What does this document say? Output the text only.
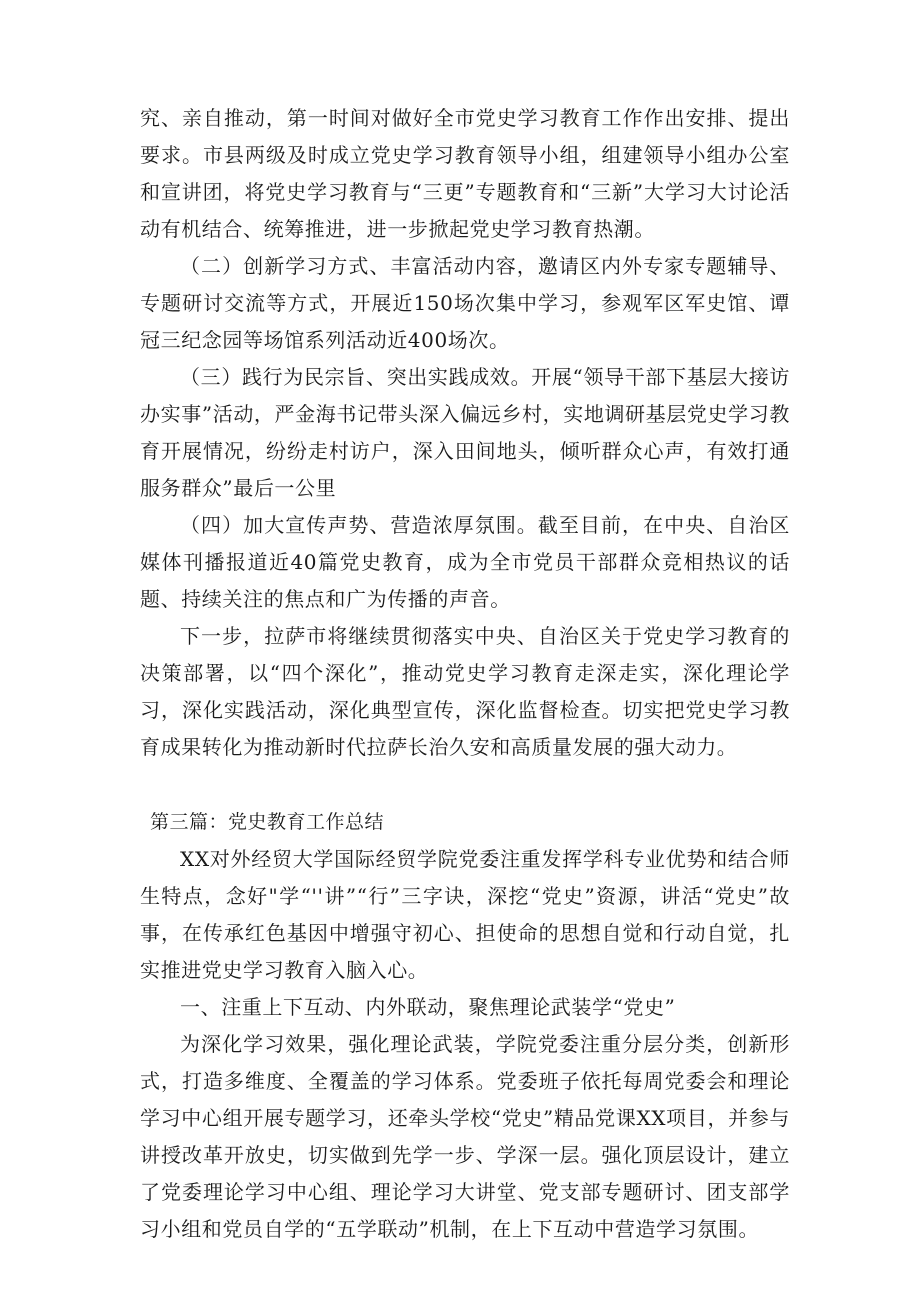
究、亲自推动，第一时间对做好全市党史学习教育工作作出安排、提出要求。市县两级及时成立党史学习教育领导小组，组建领导小组办公室和宣讲团，将党史学习教育与“三更”专题教育和“三新”大学习大讨论活动有机结合、统筹推进，进一步掀起党史学习教育热潮。

（二）创新学习方式、丰富活动内容，邀请区内外专家专题辅导、专题研讨交流等方式，开展近150场次集中学习，参观军区军史馆、谭冠三纪念园等场馆系列活动近400场次。

（三）践行为民宗旨、突出实践成效。开展“领导干部下基层大接访办实事”活动，严金海书记带头深入偏远乡村，实地调研基层党史学习教育开展情况，纷纷走村访户，深入田间地头，倾听群众心声，有效打通服务群众”最后一公里

（四）加大宣传声势、营造浓厚氛围。截至目前，在中央、自治区媒体刊播报道近40篇党史教育，成为全市党员干部群众竞相热议的话题、持续关注的焦点和广为传播的声音。

下一步，拉萨市将继续贯彻落实中央、自治区关于党史学习教育的决策部署，以“四个深化”，推动党史学习教育走深走实，深化理论学习，深化实践活动，深化典型宣传，深化监督检查。切实把党史学习教育成果转化为推动新时代拉萨长治久安和高质量发展的强大动力。

第三篇：党史教育工作总结

XX对外经贸大学国际经贸学院党委注重发挥学科专业优势和结合师生特点，念好"学“''讲”“行”三字诀，深挖“党史”资源，讲活“党史”故事，在传承红色基因中增强守初心、担使命的思想自觉和行动自觉，扎实推进党史学习教育入脑入心。

一、注重上下互动、内外联动，聚焦理论武装学“党史”

为深化学习效果，强化理论武装，学院党委注重分层分类，创新形式，打造多维度、全覆盖的学习体系。党委班子依托每周党委会和理论学习中心组开展专题学习，还牵头学校“党史”精品党课XX项目，并参与讲授改革开放史，切实做到先学一步、学深一层。强化顶层设计，建立了党委理论学习中心组、理论学习大讲堂、党支部专题研讨、团支部学习小组和党员自学的“五学联动”机制，在上下互动中营造学习氛围。
